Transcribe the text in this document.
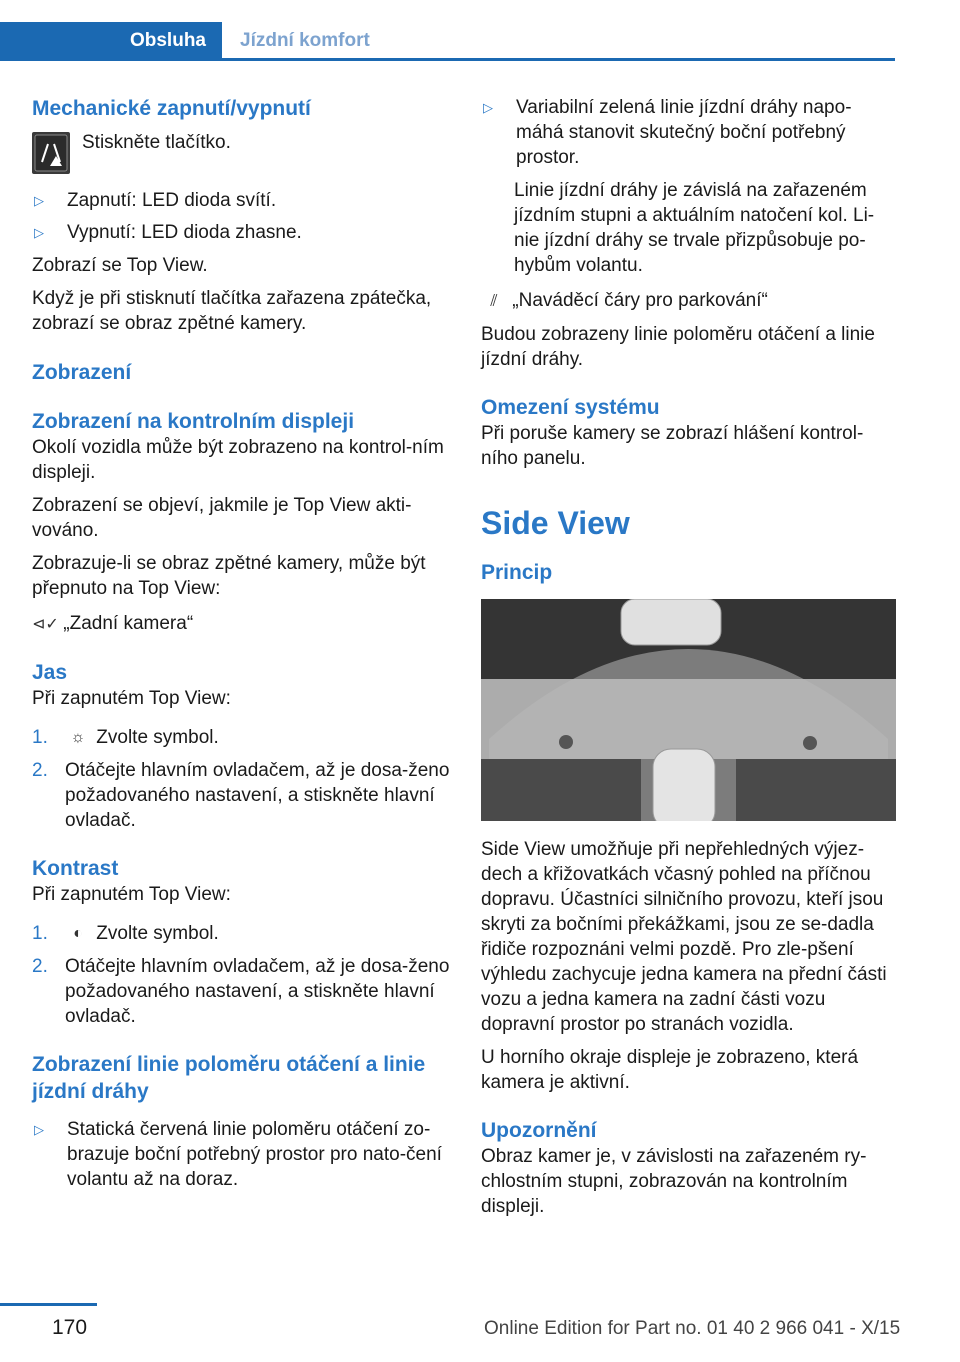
Obsluha	Jízdní komfort
Mechanické zapnutí/vypnutí

Stiskněte tlačítko.

▷	Zapnutí: LED dioda svítí.
▷	Vypnutí: LED dioda zhasne.

Zobrazí se Top View.

Když je při stisknutí tlačítka zařazena zpátečka, zobrazí se obraz zpětné kamery.

Zobrazení
Zobrazení na kontrolním displeji

Okolí vozidla může být zobrazeno na kontrol-ním displeji.

Zobrazení se objeví, jakmile je Top View akti-vováno.

Zobrazuje-li se obraz zpětné kamery, může být přepnuto na Top View:

⊲✓ „Zadní kamera“

Jas

Při zapnutém Top View:

1.	☼
Zvolte symbol.
2. Otáčejte hlavním ovladačem, až je dosa-ženo požadovaného nastavení, a stiskněte hlavní ovladač.
Kontrast

Při zapnutém Top View:

1.	◐
Zvolte symbol.
2. Otáčejte hlavním ovladačem, až je dosa-ženo požadovaného nastavení, a stiskněte hlavní ovladač.
Zobrazení linie poloměru otáčení a linie jízdní dráhy
▷	Statická červená linie poloměru otáčení zo-brazuje boční potřebný prostor pro nato-čení volantu až na doraz.
▷	Variabilní zelená linie jízdní dráhy napo-máhá stanovit skutečný boční potřebný prostor.

Linie jízdní dráhy je závislá na zařazeném jízdním stupni a aktuálním natočení kol. Li-nie jízdní dráhy se trvale přizpůsobuje po-hybům volantu.

⫽ „Naváděcí čáry pro parkování“

Budou zobrazeny linie poloměru otáčení a linie jízdní dráhy.

Omezení systému

Při poruše kamery se zobrazí hlášení kontrol-ního panelu.

Side View
Princip

Side View umožňuje při nepřehledných výjez-dech a křižovatkách včasný pohled na příčnou dopravu. Účastníci silničního provozu, kteří jsou skryti za bočními překážkami, jsou ze se-dadla řidiče rozpoznáni velmi pozdě. Pro zle-pšení výhledu zachycuje jedna kamera na přední části vozu a jedna kamera na zadní části vozu dopravní prostor po stranách vozidla.

U horního okraje displeje je zobrazeno, která kamera je aktivní.

Upozornění

Obraz kamer je, v závislosti na zařazeném ry-chlostním stupni, zobrazován na kontrolním displeji.

170	Online Edition for Part no. 01 40 2 966 041 - X/15
